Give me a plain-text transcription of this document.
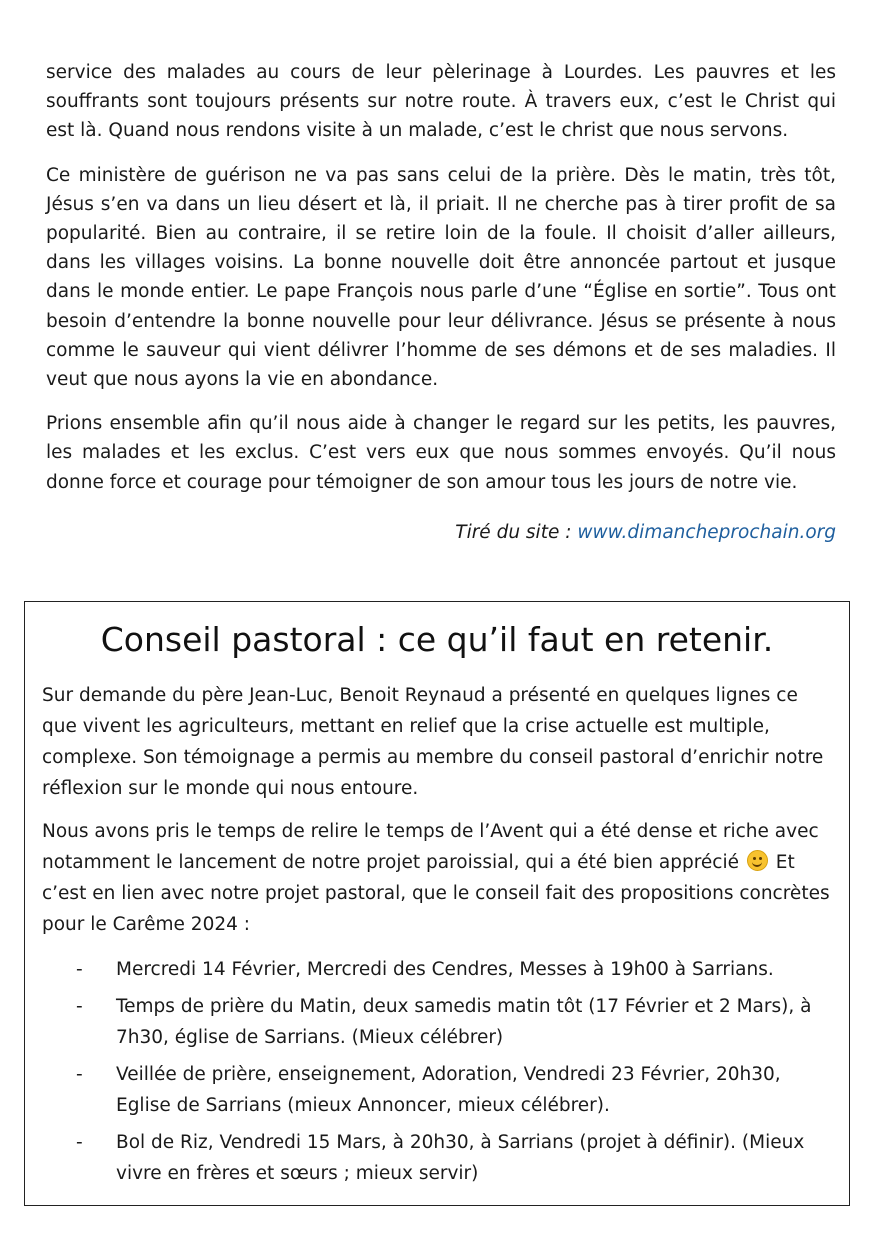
service des malades au cours de leur pèlerinage à Lourdes. Les pauvres et les souffrants sont toujours présents sur notre route. À travers eux, c’est le Christ qui est là. Quand nous rendons visite à un malade, c’est le christ que nous servons.

Ce ministère de guérison ne va pas sans celui de la prière. Dès le matin, très tôt, Jésus s’en va dans un lieu désert et là, il priait. Il ne cherche pas à tirer profit de sa popularité. Bien au contraire, il se retire loin de la foule. Il choisit d’aller ailleurs, dans les villages voisins. La bonne nouvelle doit être annoncée partout et jusque dans le monde entier. Le pape François nous parle d’une “Église en sortie”. Tous ont besoin d’entendre la bonne nouvelle pour leur délivrance. Jésus se présente à nous comme le sauveur qui vient délivrer l’homme de ses démons et de ses maladies. Il veut que nous ayons la vie en abondance.

Prions ensemble afin qu’il nous aide à changer le regard sur les petits, les pauvres, les malades et les exclus. C’est vers eux que nous sommes envoyés. Qu’il nous donne force et courage pour témoigner de son amour tous les jours de notre vie.

Tiré du site : www.dimancheprochain.org
Conseil pastoral : ce qu’il faut en retenir.

Sur demande du père Jean-Luc, Benoit Reynaud a présenté en quelques lignes ce que vivent les agriculteurs, mettant en relief que la crise actuelle est multiple, complexe. Son témoignage a permis au membre du conseil pastoral d’enrichir notre réflexion sur le monde qui nous entoure.

Nous avons pris le temps de relire le temps de l’Avent qui a été dense et riche avec notamment le lancement de notre projet paroissial, qui a été bien apprécié Et c’est en lien avec notre projet pastoral, que le conseil fait des propositions concrètes pour le Carême 2024 :

- Mercredi 14 Février, Mercredi des Cendres, Messes à 19h00 à Sarrians.
- Temps de prière du Matin, deux samedis matin tôt (17 Février et 2 Mars), à 7h30, église de Sarrians. (Mieux célébrer)
- Veillée de prière, enseignement, Adoration, Vendredi 23 Février, 20h30, Eglise de Sarrians (mieux Annoncer, mieux célébrer).
- Bol de Riz, Vendredi 15 Mars, à 20h30, à Sarrians (projet à définir). (Mieux vivre en frères et sœurs ; mieux servir)
